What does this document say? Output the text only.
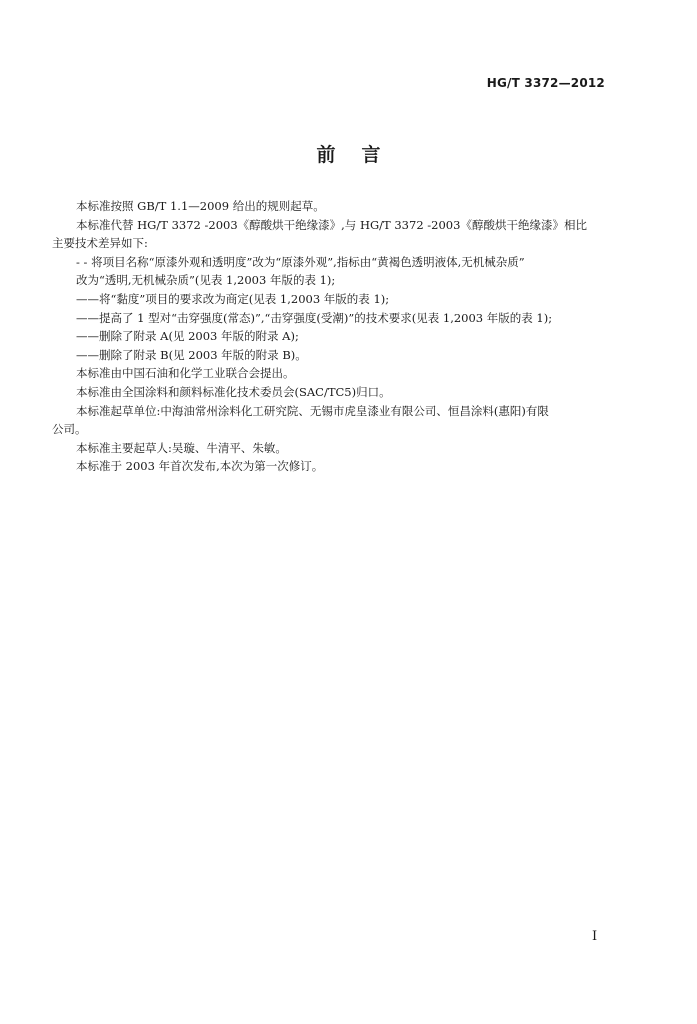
HG/T 3372—2012
前言

本标准按照 GB/T 1.1—2009 给出的规则起草。

本标准代替 HG/T 3372 -2003《醇酸烘干绝缘漆》,与 HG/T 3372 -2003《醇酸烘干绝缘漆》相比

主要技术差异如下:

- - 将项目名称“原漆外观和透明度”改为“原漆外观”,指标由“黄褐色透明液体,无机械杂质”

改为“透明,无机械杂质”(见表 1,2003 年版的表 1);

——将“黏度”项目的要求改为商定(见表 1,2003 年版的表 1);

——提高了 1 型对“击穿强度(常态)”,“击穿强度(受潮)”的技术要求(见表 1,2003 年版的表 1);

——删除了附录 A(见 2003 年版的附录 A);

——删除了附录 B(见 2003 年版的附录 B)。

本标准由中国石油和化学工业联合会提出。

本标准由全国涂料和颜料标准化技术委员会(SAC/TC5)归口。

本标准起草单位:中海油常州涂料化工研究院、无锡市虎皇漆业有限公司、恒昌涂料(惠阳)有限

公司。

本标准主要起草人:吴璇、牛清平、朱敏。

本标准于 2003 年首次发布,本次为第一次修订。

I
